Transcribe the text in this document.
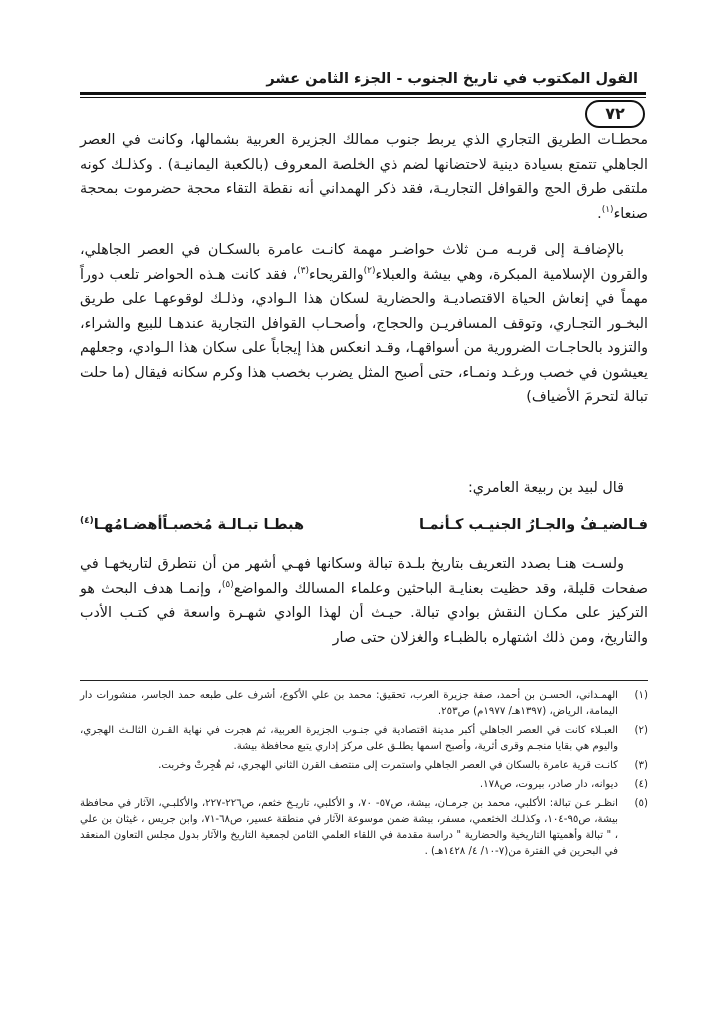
القول المكتوب في تاريخ الجنوب - الجزء الثامن عشر
٧٢

محطـات الطريق التجاري الذي يربط جنوب ممالك الجزيرة العربية بشمالها، وكانت في العصر الجاهلي تتمتع بسيادة دينية لاحتضانها لضم ذي الخلصة المعروف (بالكعبة اليمانيـة) . وكذلـك كونه ملتقى طرق الحج والقوافل التجاريـة، فقد ذكر الهمداني أنه نقطة التقاء محجة حضرموت بمحجة صنعاء$^{(١)}$.

بالإضافـة إلى قربـه مـن ثلاث حواضـر مهمة كانـت عامرة بالسكـان في العصر الجاهلي، والقرون الإسلامية المبكرة، وهي بيشة والعبلاء$^{(٢)}$والقريحاء$^{(٣)}$، فقد كانت هـذه الحواضر تلعب دوراً مهماً في إنعاش الحياة الاقتصاديـة والحضارية لسكان هذا الـوادي، وذلـك لوقوعهـا على طريق البخـور التجـاري، وتوقف المسافريـن والحجاج، وأصحـاب القوافل التجارية عندهـا للبيع والشراء، والتزود بالحاجـات الضرورية من أسواقهـا، وقـد انعكس هذا إيجاباً على سكان هذا الـوادي، وجعلهم يعيشون في خصب ورغـد ونمـاء، حتى أصبح المثل يضرب بخصب هذا وكرم سكانه فيقال (ما حلت تبالة لتحرمَ الأضياف)

قال لبيد بن ربيعة العامري:
فـالضيـفُ والجـارُ الجنيـب كـأنمـا
هبطـا تبـالـة مُخصبـاًأهضـامُهـا$^{(٤)}$

ولسـت هنـا بصدد التعريف بتاريخ بلـدة تبالة وسكانها فهـي أشهر من أن نتطرق لتاريخهـا في صفحات قليلة، وقد حظيت بعنايـة الباحثين وعلماء المسالك والمواضع$^{(٥)}$، وإنمـا هدف البحث هو التركيز على مكـان النقش بوادي تبالة. حيـث أن لهذا الوادي شهـرة واسعة في كتـب الأدب والتاريخ، ومن ذلك اشتهاره بالظبـاء والغزلان حتى صار

(١)
الهمـداني، الحسـن بن أحمد، صفة جزيرة العرب، تحقيق: محمد بن علي الأكوع، أشرف على طبعه حمد الجاسر، منشورات دار اليمامة، الرياض، (١٣٩٧هـ/ ١٩٧٧م) ص٢٥٣.
(٢)
العبـلاء كانت في العصر الجاهلي أكبر مدينة اقتصادية في جنـوب الجزيرة العربية، ثم هجرت في نهاية القـرن الثالـث الهجري، واليوم هي بقايا منجـم وقرى أثرية، وأصبح اسمها يطلـق على مركز إداري يتبع محافظة بيشة.
(٣)
كانـت قرية عامرة بالسكان في العصر الجاهلي واستمرت إلى منتصف القرن الثاني الهجري، ثم هُجِرتْ وخربت.
(٤)
ديوانه، دار صادر، بيروت، ص١٧٨.
(٥)
انظـر عـن تبالة: الأكلبي، محمد بن جرمـان، بيشة، ص٥٧- ٧٠، و الأكلبي، تاريـخ خثعم، ص٢٢٦-٢٢٧، والأكلبـي، الآثار في محافظة بيشة، ص٩٥-١٠٤، وكذلـك الخثعمي، مسفر، بيشة ضمن موسوعة الآثار في منطقة عسير، ص٦٨-٧١، وابن جريس ، غيثان بن علي ، " تبالة وأهميتها التاريخية والحضارية " دراسة مقدمة في اللقاء العلمي الثامن لجمعية التاريخ والآثار بدول مجلس التعاون المنعقد في البحرين في الفترة من(٧-١٠/ ٤/ ١٤٢٨هـ) .
